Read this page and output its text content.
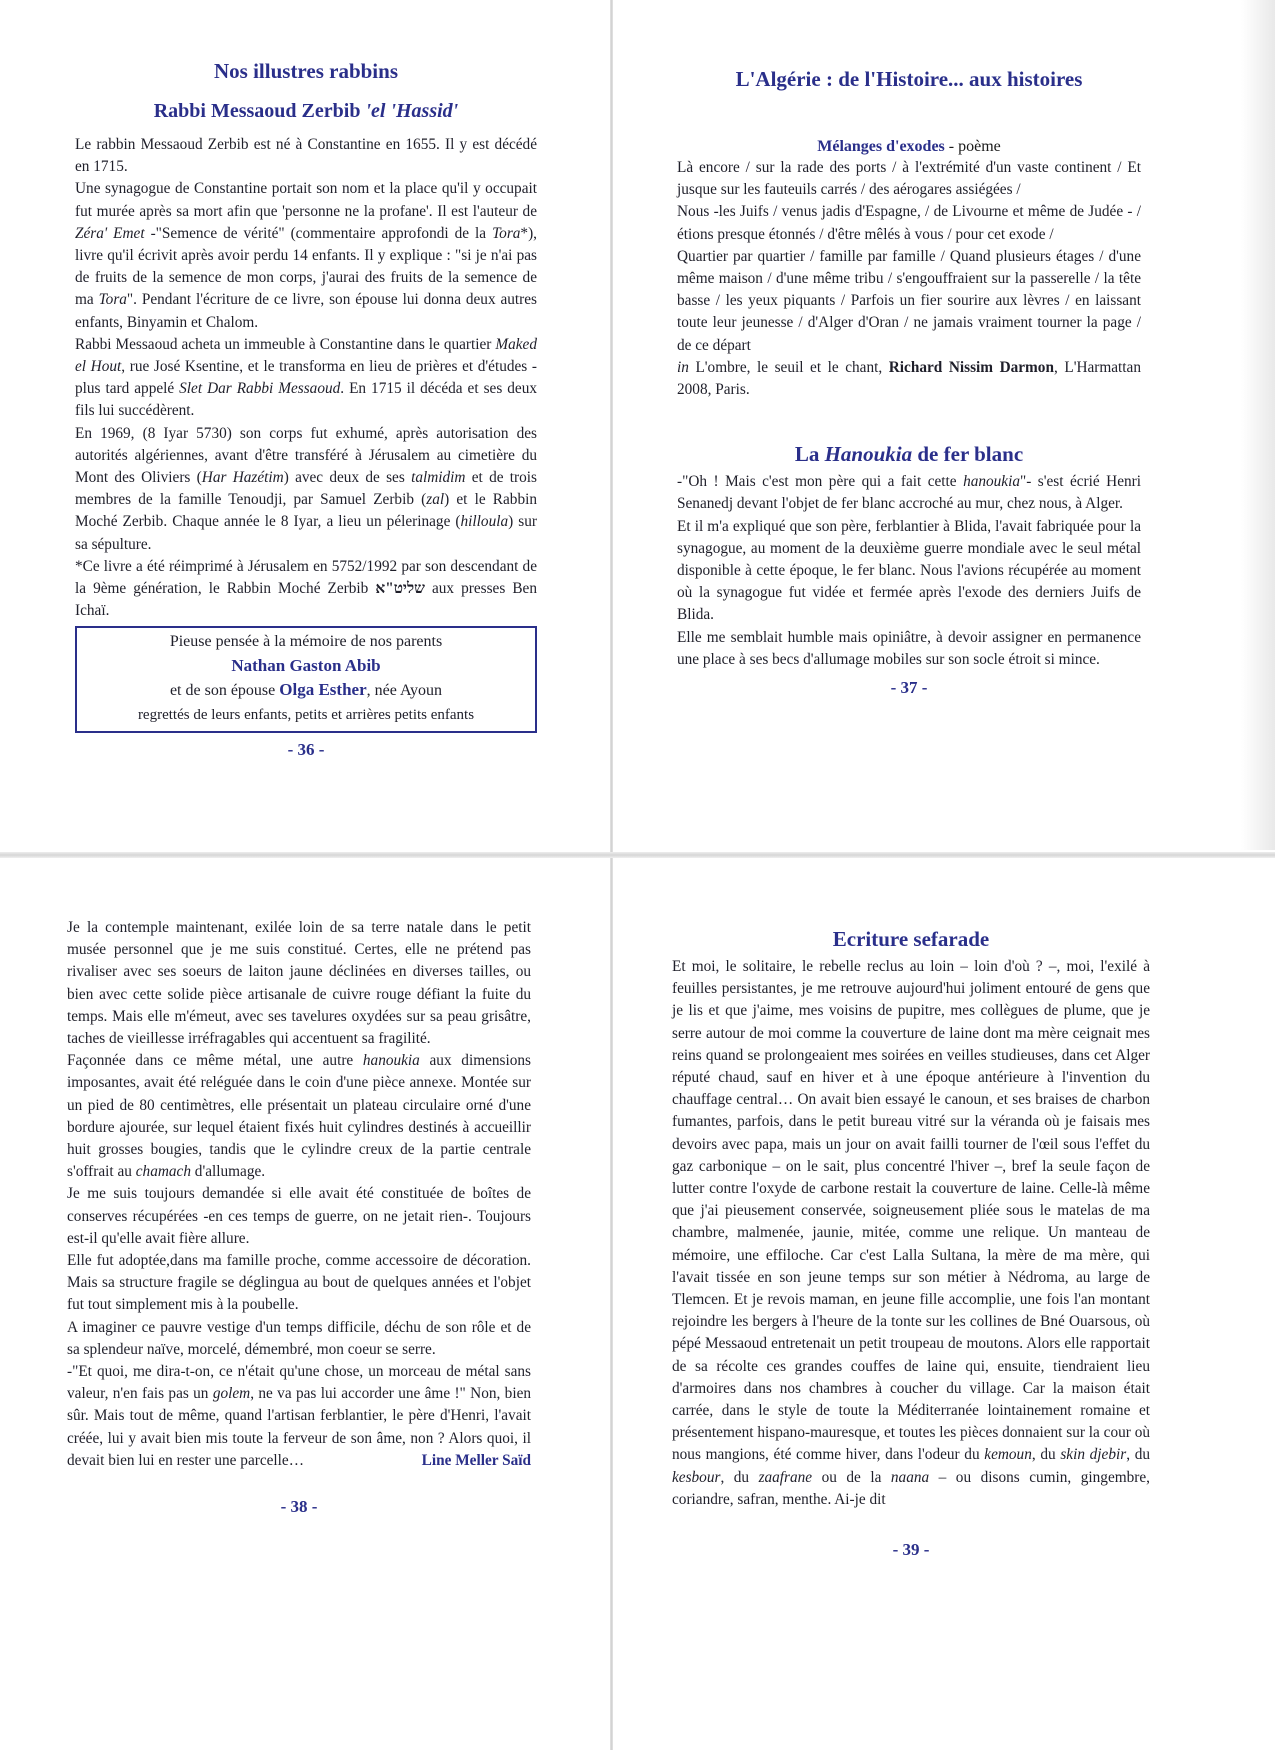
Nos illustres rabbins
Rabbi Messaoud Zerbib 'el 'Hassid'

Le rabbin Messaoud Zerbib est né à Constantine en 1655. Il y est décédé en 1715.

Une synagogue de Constantine portait son nom et la place qu'il y occupait fut murée après sa mort afin que 'personne ne la profane'. Il est l'auteur de Zéra' Emet -"Semence de vérité" (commentaire approfondi de la Tora*), livre qu'il écrivit après avoir perdu 14 enfants. Il y explique : "si je n'ai pas de fruits de la semence de mon corps, j'aurai des fruits de la semence de ma Tora". Pendant l'écriture de ce livre, son épouse lui donna deux autres enfants, Binyamin et Chalom.

Rabbi Messaoud acheta un immeuble à Constantine dans le quartier Maked el Hout, rue José Ksentine, et le transforma en lieu de prières et d'études -plus tard appelé Slet Dar Rabbi Messaoud. En 1715 il décéda et ses deux fils lui succédèrent.

En 1969, (8 Iyar 5730) son corps fut exhumé, après autorisation des autorités algériennes, avant d'être transféré à Jérusalem au cimetière du Mont des Oliviers (Har Hazétim) avec deux de ses talmidim et de trois membres de la famille Tenoudji, par Samuel Zerbib (zal) et le Rabbin Moché Zerbib. Chaque année le 8 Iyar, a lieu un pélerinage (hilloula) sur sa sépulture.

*Ce livre a été réimprimé à Jérusalem en 5752/1992 par son descendant de la 9ème génération, le Rabbin Moché Zerbib שליט"א aux presses Ben Ichaï.

Pieuse pensée à la mémoire de nos parents
Nathan Gaston Abib
et de son épouse Olga Esther, née Ayoun
regrettés de leurs enfants, petits et arrières petits enfants
- 36 -
L'Algérie : de l'Histoire... aux histoires
Mélanges d'exodes - poème

Là encore / sur la rade des ports / à l'extrémité d'un vaste continent / Et jusque sur les fauteuils carrés / des aérogares assiégées /

Nous -les Juifs / venus jadis d'Espagne, / de Livourne et même de Judée - / étions presque étonnés / d'être mêlés à vous / pour cet exode /

Quartier par quartier / famille par famille / Quand plusieurs étages / d'une même maison / d'une même tribu / s'engouffraient sur la passerelle / la tête basse / les yeux piquants / Parfois un fier sourire aux lèvres / en laissant toute leur jeunesse / d'Alger d'Oran / ne jamais vraiment tourner la page / de ce départ

in L'ombre, le seuil et le chant, Richard Nissim Darmon, L'Harmattan 2008, Paris.

La Hanoukia de fer blanc

-"Oh ! Mais c'est mon père qui a fait cette hanoukia"- s'est écrié Henri Senanedj devant l'objet de fer blanc accroché au mur, chez nous, à Alger.

Et il m'a expliqué que son père, ferblantier à Blida, l'avait fabriquée pour la synagogue, au moment de la deuxième guerre mondiale avec le seul métal disponible à cette époque, le fer blanc. Nous l'avions récupérée au moment où la synagogue fut vidée et fermée après l'exode des derniers Juifs de Blida.

Elle me semblait humble mais opiniâtre, à devoir assigner en permanence une place à ses becs d'allumage mobiles sur son socle étroit si mince.

- 37 -

Je la contemple maintenant, exilée loin de sa terre natale dans le petit musée personnel que je me suis constitué. Certes, elle ne prétend pas rivaliser avec ses soeurs de laiton jaune déclinées en diverses tailles, ou bien avec cette solide pièce artisanale de cuivre rouge défiant la fuite du temps. Mais elle m'émeut, avec ses tavelures oxydées sur sa peau grisâtre, taches de vieillesse irréfragables qui accentuent sa fragilité.

Façonnée dans ce même métal, une autre hanoukia aux dimensions imposantes, avait été reléguée dans le coin d'une pièce annexe. Montée sur un pied de 80 centimètres, elle présentait un plateau circulaire orné d'une bordure ajourée, sur lequel étaient fixés huit cylindres destinés à accueillir huit grosses bougies, tandis que le cylindre creux de la partie centrale s'offrait au chamach d'allumage.

Je me suis toujours demandée si elle avait été constituée de boîtes de conserves récupérées -en ces temps de guerre, on ne jetait rien-. Toujours est-il qu'elle avait fière allure.

Elle fut adoptée,dans ma famille proche, comme accessoire de décoration. Mais sa structure fragile se déglingua au bout de quelques années et l'objet fut tout simplement mis à la poubelle.

A imaginer ce pauvre vestige d'un temps difficile, déchu de son rôle et de sa splendeur naïve, morcelé, démembré, mon coeur se serre.

-"Et quoi, me dira-t-on, ce n'était qu'une chose, un morceau de métal sans valeur, n'en fais pas un golem, ne va pas lui accorder une âme !" Non, bien sûr. Mais tout de même, quand l'artisan ferblantier, le père d'Henri, l'avait créée, lui y avait bien mis toute la ferveur de son âme, non ? Alors quoi, il devait bien lui en rester une parcelle…	Line Meller Saïd
- 38 -
Ecriture sefarade

Et moi, le solitaire, le rebelle reclus au loin – loin d'où ? –, moi, l'exilé à feuilles persistantes, je me retrouve aujourd'hui joliment entouré de gens que je lis et que j'aime, mes voisins de pupitre, mes collègues de plume, que je serre autour de moi comme la couverture de laine dont ma mère ceignait mes reins quand se prolongeaient mes soirées en veilles studieuses, dans cet Alger réputé chaud, sauf en hiver et à une époque antérieure à l'invention du chauffage central… On avait bien essayé le canoun, et ses braises de charbon fumantes, parfois, dans le petit bureau vitré sur la véranda où je faisais mes devoirs avec papa, mais un jour on avait failli tourner de l'œil sous l'effet du gaz carbonique – on le sait, plus concentré l'hiver –, bref la seule façon de lutter contre l'oxyde de carbone restait la couverture de laine. Celle-là même que j'ai pieusement conservée, soigneusement pliée sous le matelas de ma chambre, malmenée, jaunie, mitée, comme une relique. Un manteau de mémoire, une effiloche. Car c'est Lalla Sultana, la mère de ma mère, qui l'avait tissée en son jeune temps sur son métier à Nédroma, au large de Tlemcen. Et je revois maman, en jeune fille accomplie, une fois l'an montant rejoindre les bergers à l'heure de la tonte sur les collines de Bné Ouarsous, où pépé Messaoud entretenait un petit troupeau de moutons. Alors elle rapportait de sa récolte ces grandes couffes de laine qui, ensuite, tiendraient lieu d'armoires dans nos chambres à coucher du village. Car la maison était carrée, dans le style de toute la Méditerranée lointainement romaine et présentement hispano-mauresque, et toutes les pièces donnaient sur la cour où nous mangions, été comme hiver, dans l'odeur du kemoun, du skin djebir, du kesbour, du zaafrane ou de la naana – ou disons cumin, gingembre, coriandre, safran, menthe. Ai-je dit

- 39 -
